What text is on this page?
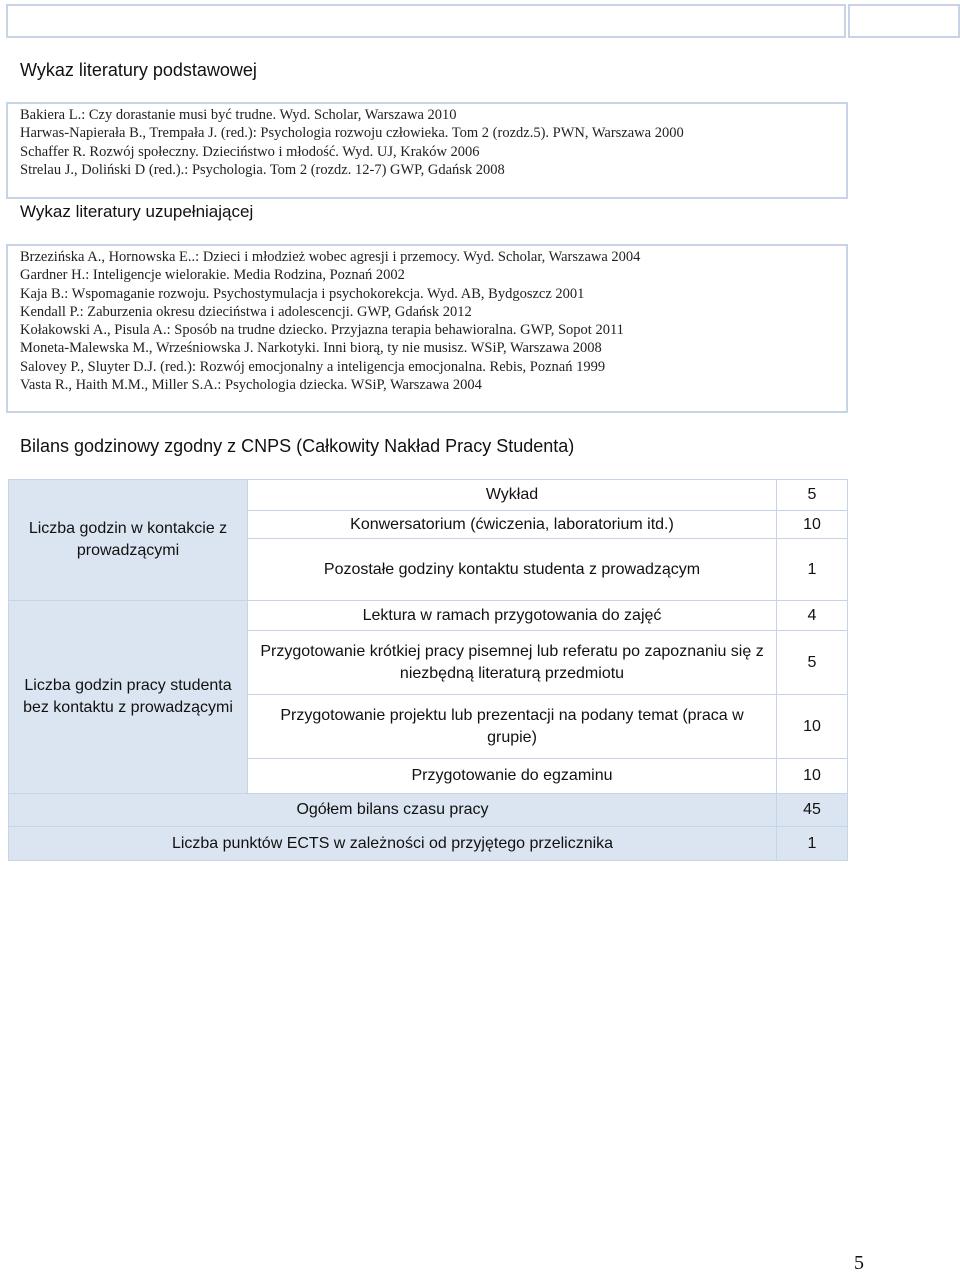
Wykaz literatury podstawowej
Bakiera L.: Czy dorastanie musi być trudne. Wyd. Scholar, Warszawa 2010
Harwas-Napierała B., Trempała J. (red.): Psychologia rozwoju człowieka. Tom 2 (rozdz.5). PWN, Warszawa 2000
Schaffer R. Rozwój społeczny. Dzieciństwo i młodość. Wyd. UJ, Kraków 2006
Strelau J., Doliński D (red.).: Psychologia. Tom 2 (rozdz. 12-7) GWP, Gdańsk 2008
Wykaz literatury uzupełniającej
Brzezińska A., Hornowska E..: Dzieci i młodzież wobec agresji i przemocy. Wyd. Scholar, Warszawa 2004
Gardner H.: Inteligencje wielorakie. Media Rodzina, Poznań 2002
Kaja B.: Wspomaganie rozwoju. Psychostymulacja i psychokorekcja. Wyd. AB, Bydgoszcz 2001
Kendall P.: Zaburzenia okresu dzieciństwa i adolescencji. GWP, Gdańsk 2012
Kołakowski A., Pisula A.: Sposób na trudne dziecko. Przyjazna terapia behawioralna. GWP, Sopot 2011
Moneta-Malewska M., Wrześniowska J. Narkotyki. Inni biorą, ty nie musisz. WSiP, Warszawa 2008
Salovey P., Sluyter D.J. (red.): Rozwój emocjonalny a inteligencja emocjonalna. Rebis, Poznań 1999
Vasta R., Haith M.M., Miller S.A.: Psychologia dziecka. WSiP, Warszawa 2004
Bilans godzinowy zgodny z CNPS (Całkowity Nakład Pracy Studenta)
Liczba godzin w kontakcie z prowadzącymi	Wykład	5
	Konwersatorium (ćwiczenia, laboratorium itd.)	10
	Pozostałe godziny kontaktu studenta z prowadzącym	1
Liczba godzin pracy studenta bez kontaktu z prowadzącymi	Lektura w ramach przygotowania do zajęć	4
	Przygotowanie krótkiej pracy pisemnej lub referatu po zapoznaniu się z niezbędną literaturą przedmiotu	5
	Przygotowanie projektu lub prezentacji na podany temat (praca w grupie)	10
	Przygotowanie do egzaminu	10
Ogółem bilans czasu pracy		45
Liczba punktów ECTS w zależności od przyjętego przelicznika		1
5
